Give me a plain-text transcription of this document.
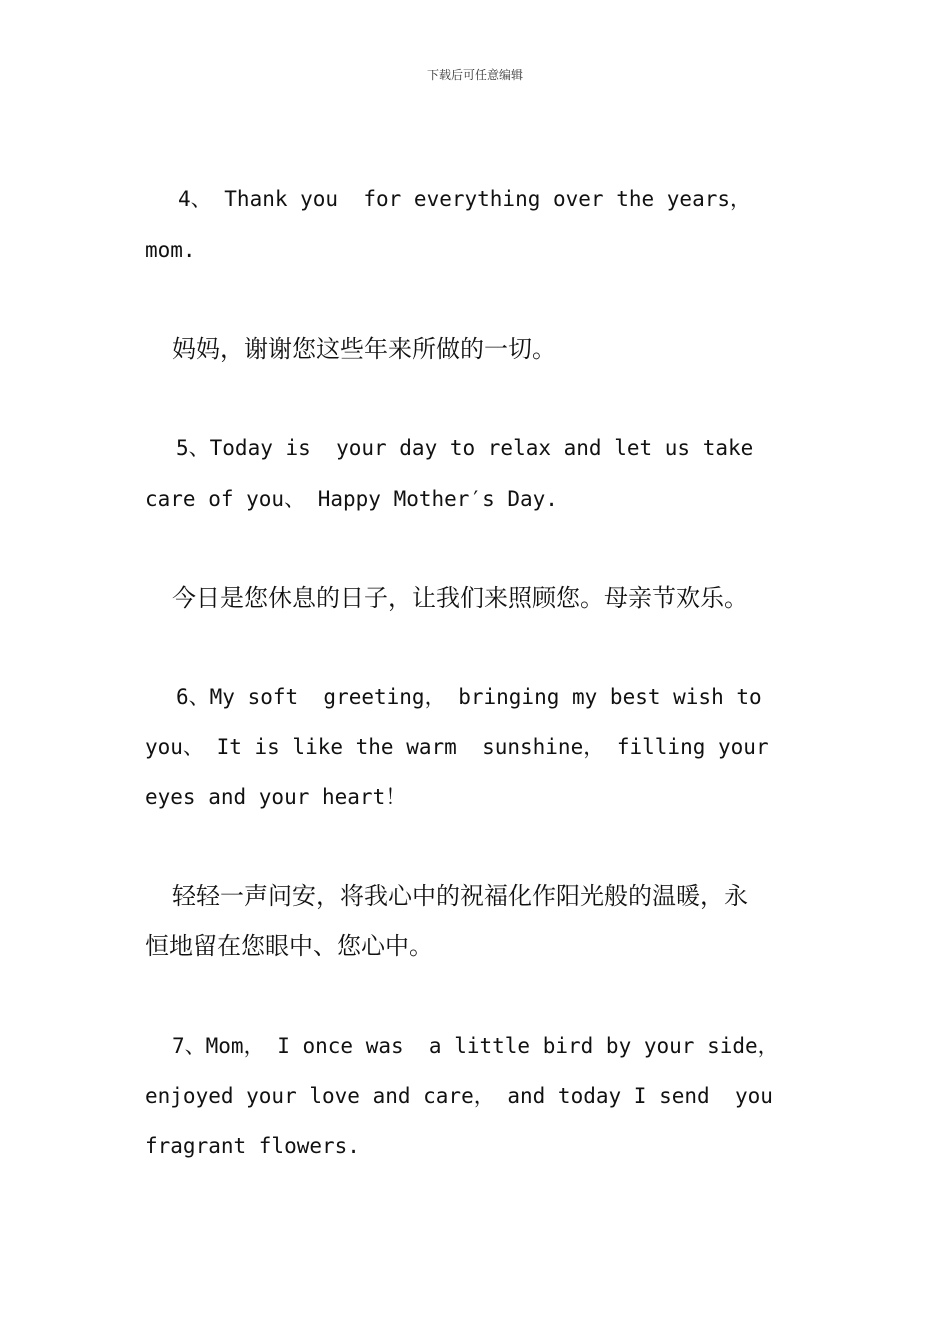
下载后可任意编辑
4、 Thank you  for everything over the years，
mom.
妈妈，谢谢您这些年来所做的一切。
5、Today is  your day to relax and let us take
care of you、 Happy Mother′s Day.
今日是您休息的日子，让我们来照顾您。母亲节欢乐。
6、My soft  greeting， bringing my best wish to
you、 It is like the warm  sunshine， filling your
eyes and your heart！
轻轻一声问安，将我心中的祝福化作阳光般的温暖，永
恒地留在您眼中、您心中。
7、Mom， I once was  a little bird by your side，
enjoyed your love and care， and today I send  you
fragrant flowers.
